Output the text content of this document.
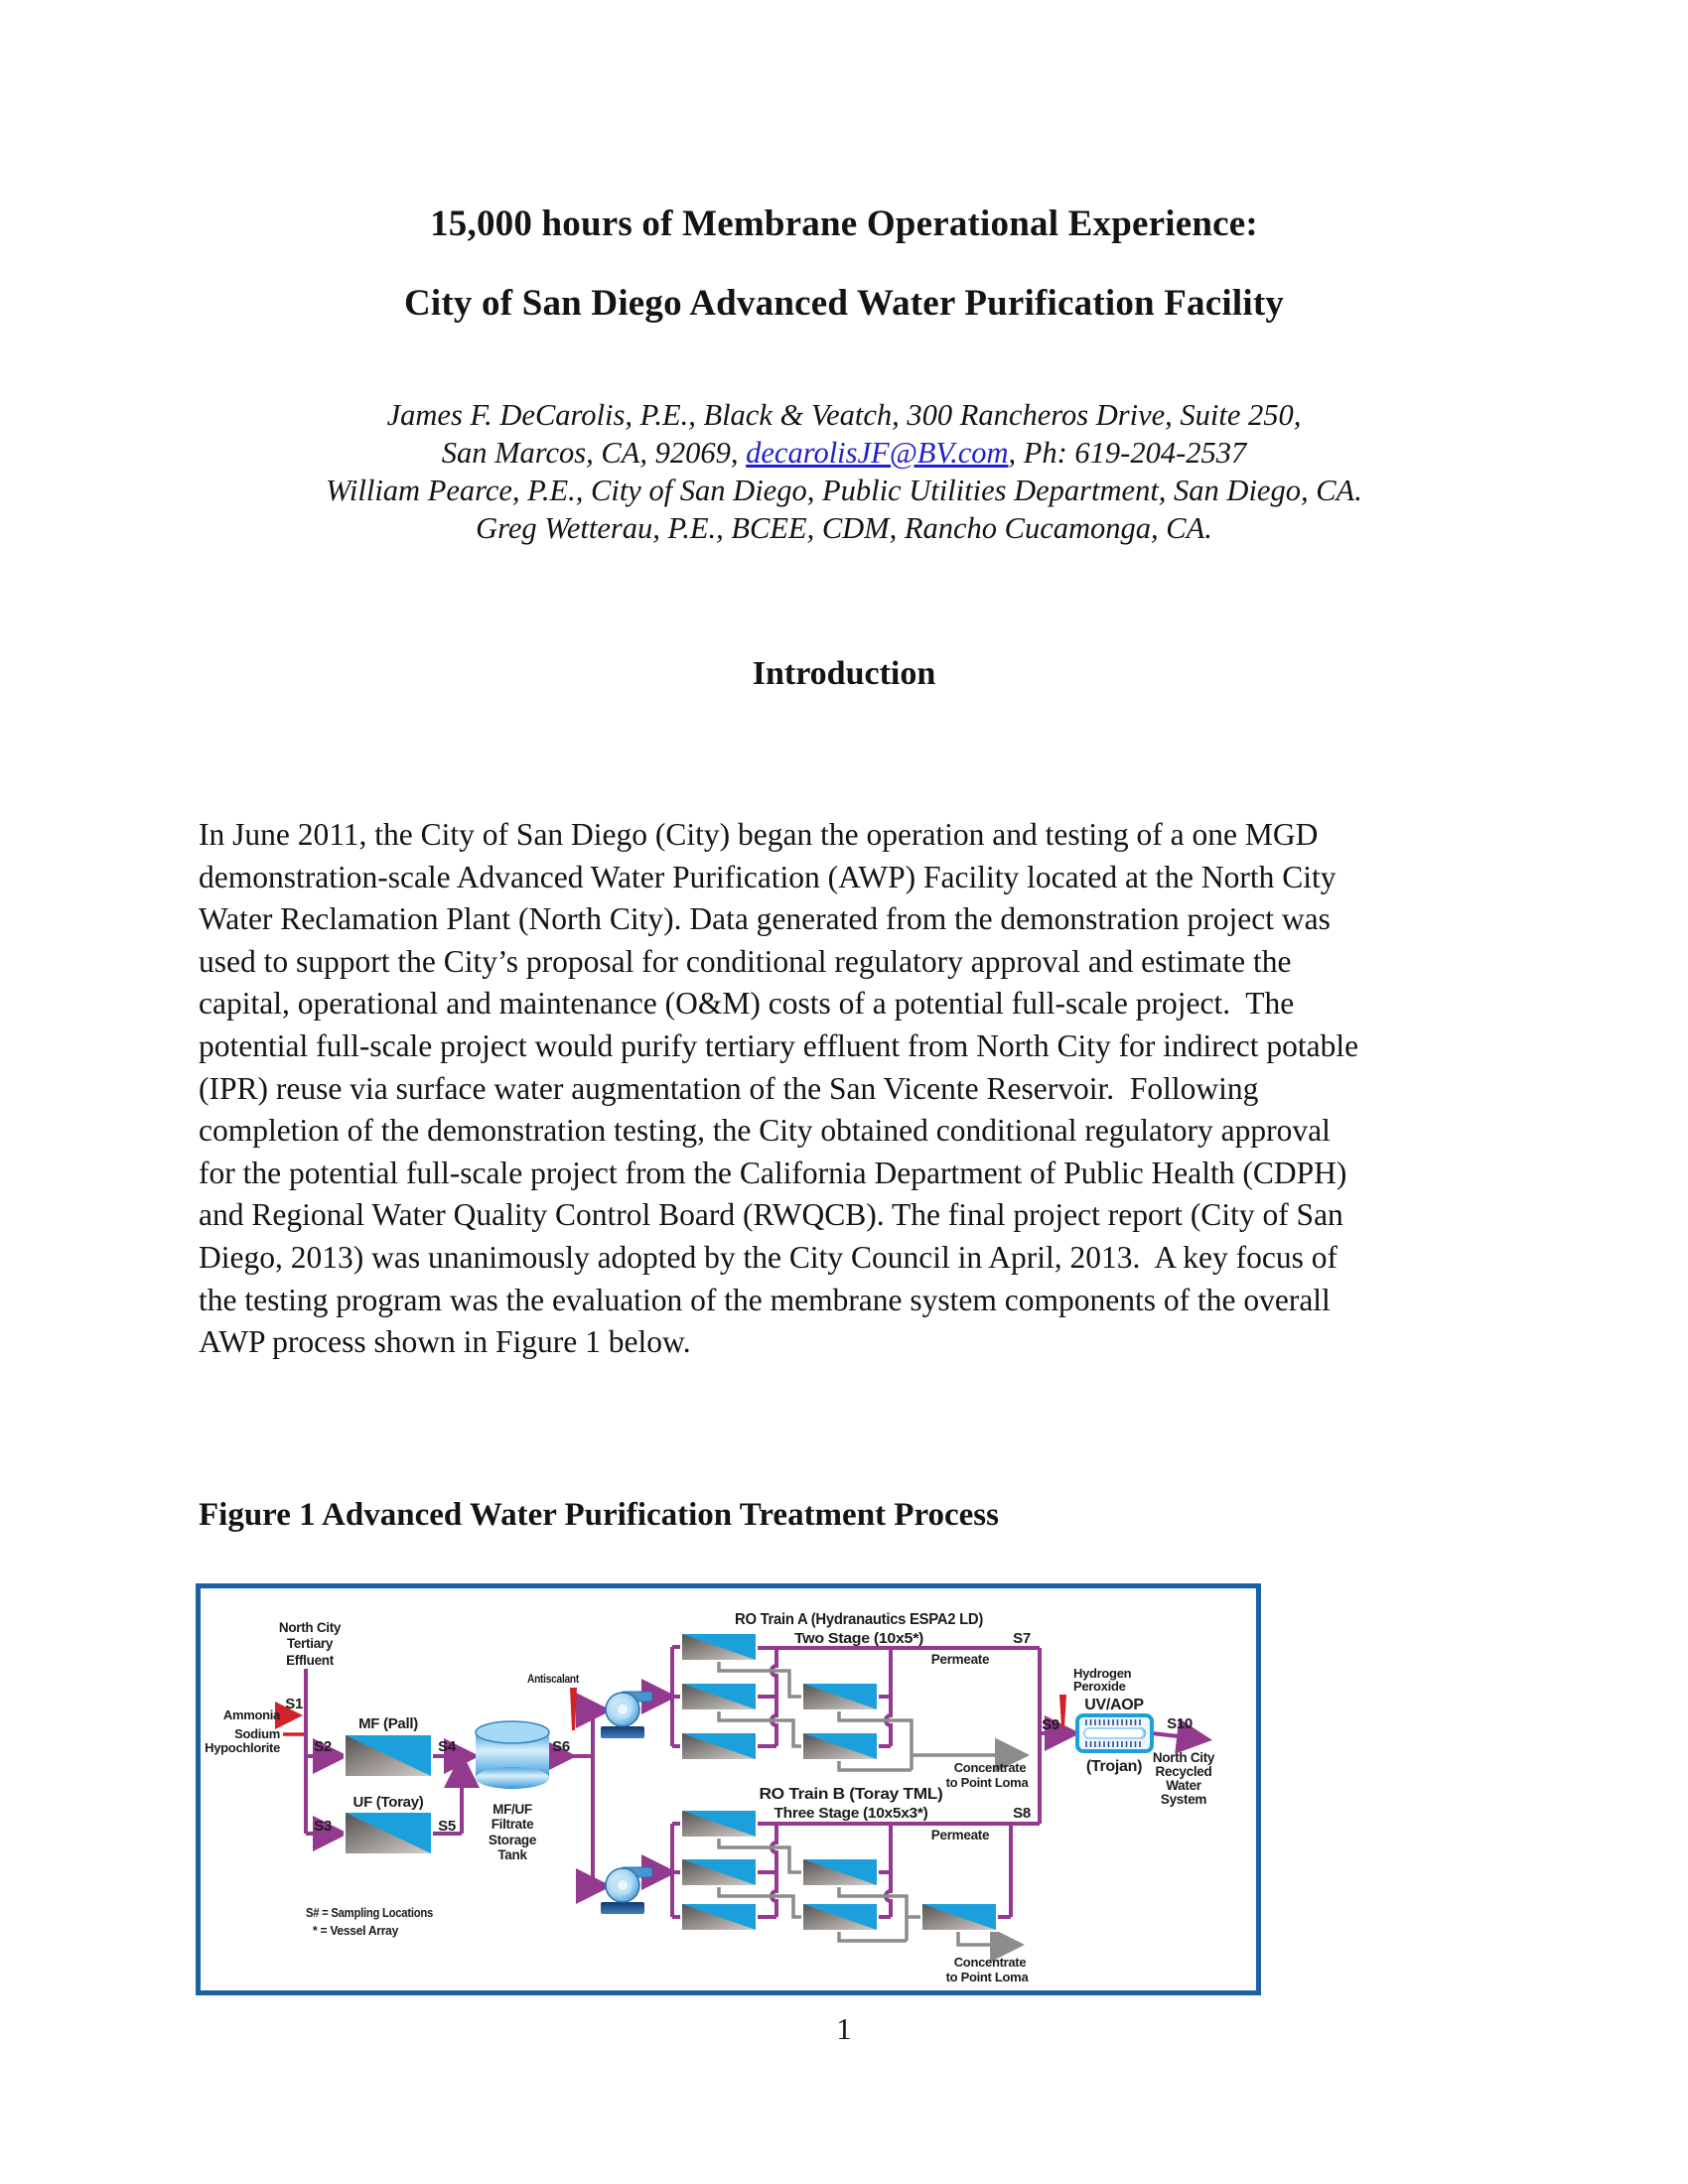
15,000 hours of Membrane Operational Experience:
City of San Diego Advanced Water Purification Facility
James F. DeCarolis, P.E., Black & Veatch, 300 Rancheros Drive, Suite 250,
San Marcos, CA, 92069, decarolisJF@BV.com, Ph: 619-204-2537
William Pearce, P.E., City of San Diego, Public Utilities Department, San Diego, CA.
Greg Wetterau, P.E., BCEE, CDM, Rancho Cucamonga, CA.
Introduction
In June 2011, the City of San Diego (City) began the operation and testing of a one MGD
demonstration-scale Advanced Water Purification (AWP) Facility located at the North City
Water Reclamation Plant (North City). Data generated from the demonstration project was
used to support the City’s proposal for conditional regulatory approval and estimate the
capital, operational and maintenance (O&M) costs of a potential full-scale project.  The
potential full-scale project would purify tertiary effluent from North City for indirect potable
(IPR) reuse via surface water augmentation of the San Vicente Reservoir.  Following
completion of the demonstration testing, the City obtained conditional regulatory approval
for the potential full-scale project from the California Department of Public Health (CDPH)
and Regional Water Quality Control Board (RWQCB). The final project report (City of San
Diego, 2013) was unanimously adopted by the City Council in April, 2013.  A key focus of
the testing program was the evaluation of the membrane system components of the overall
AWP process shown in Figure 1 below.
Figure 1 Advanced Water Purification Treatment Process
North City
Tertiary
Effluent
Ammonia
Sodium
Hypochlorite
S1
S2
S3
S4
S5
S6
MF (Pall)
UF (Toray)	MF/UF
Filtrate
Storage
Tank
Antiscalant
RO Train A (Hydranautics ESPA2 LD)
Two Stage (10x5*)	S7
Permeate
Concentrate
to Point Loma
RO Train B (Toray TML)
Three Stage (10x5x3*)	S8
Permeate
Concentrate
to Point Loma
S9
Hydrogen
Peroxide
UV/AOP
(Trojan)
S10
North City
Recycled
Water
System
S# = Sampling Locations
* = Vessel Array
1
